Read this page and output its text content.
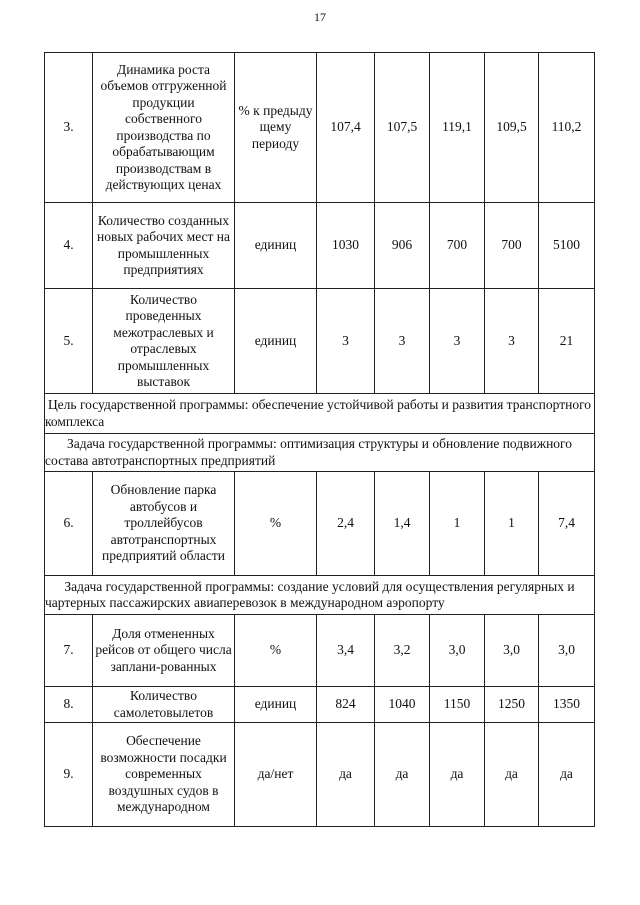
17
3.	Динамика роста объемов отгруженной продукции собственного производства по обрабатывающим производствам в действующих ценах	% к предыду щему периоду	107,4	107,5	119,1	109,5	110,2
4.	Количество созданных новых рабочих мест на промышленных предприятиях	единиц	1030	906	700	700	5100
5.	Количество проведенных межотраслевых и отраслевых промышленных выставок	единиц	3	3	3	3	21
Цель государственной программы: обеспечение устойчивой работы и развития транспортного комплекса							
Задача государственной программы: оптимизация структуры и обновление подвижного состава автотранспортных предприятий							
6.	Обновление парка автобусов и троллейбусов автотранспортных предприятий области	%	2,4	1,4	1	1	7,4
Задача государственной программы: создание условий для осуществления регулярных и чартерных пассажирских авиаперевозок в международном аэропорту							
7.	Доля отмененных рейсов от общего числа заплани-рованных	%	3,4	3,2	3,0	3,0	3,0
8.	Количество самолетовылетов	единиц	824	1040	1150	1250	1350
9.	Обеспечение возможности посадки современных воздушных судов в международном	да/нет	да	да	да	да	да
